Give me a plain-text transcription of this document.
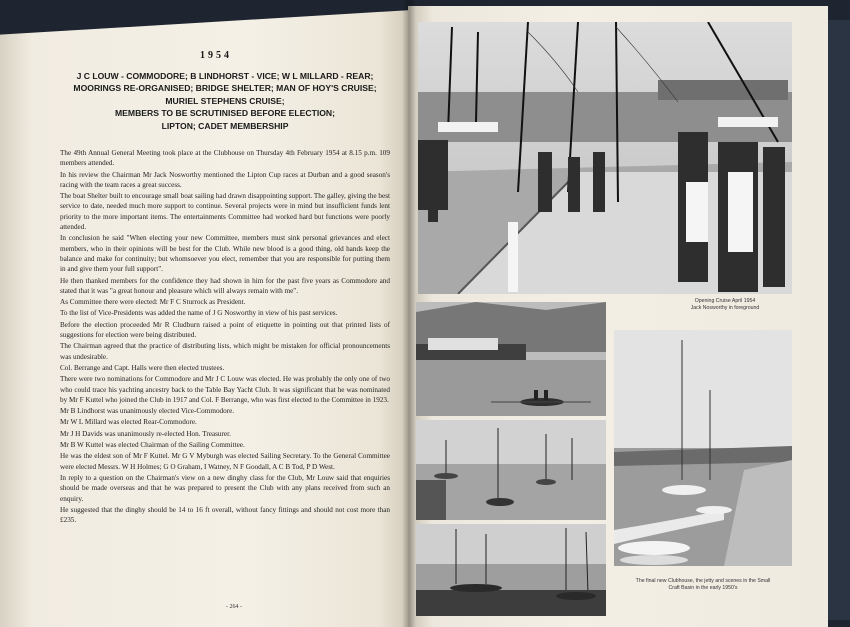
1954
J C LOUW - COMMODORE; B LINDHORST - VICE; W L MILLARD - REAR;
MOORINGS RE-ORGANISED; BRIDGE SHELTER; MAN OF HOY'S CRUISE;
MURIEL STEPHENS CRUISE;
MEMBERS TO BE SCRUTINISED BEFORE ELECTION;
LIPTON; CADET MEMBERSHIP

The 49th Annual General Meeting took place at the Clubhouse on Thursday 4th February 1954 at 8.15 p.m. 109 members attended.

In his review the Chairman Mr Jack Nosworthy mentioned the Lipton Cup races at Durban and a good season's racing with the team races a great success.

The boat Shelter built to encourage small boat sailing had drawn disappointing support. The galley, giving the best service to date, needed much more support to continue. Several projects were in mind but insufficient funds lent priority to the more important items. The entertainments Committee had worked hard but functions were poorly attended.

In conclusion he said "When electing your new Committee, members must sink personal grievances and elect members, who in their opinions will be best for the Club. While new blood is a good thing, old hands keep the balance and make for continuity; but whomsoever you elect, remember that you are responsible for putting them in and give them your full support".

He then thanked members for the confidence they had shown in him for the past five years as Commodore and stated that it was "a great honour and pleasure which will always remain with me".

As Committee there were elected: Mr F C Sturrock as President.

To the list of Vice-Presidents was added the name of J G Nosworthy in view of his past services.

Before the election proceeded Mr R Cludburn raised a point of etiquette in pointing out that printed lists of suggestions for election were being distributed.

The Chairman agreed that the practice of distributing lists, which might be mistaken for official pronouncements was undesirable.

Col. Berrange and Capt. Halls were then elected trustees.

There were two nominations for Commodore and Mr J C Louw was elected. He was probably the only one of two who could trace his yachting ancestry back to the Table Bay Yacht Club. It was significant that he was nominated by Mr F Kuttel who joined the Club in 1917 and Col. F Berrange, who was first elected to the Committee in 1923.

Mr B Lindhorst was unanimously elected Vice-Commodore.

Mr W L Millard was elected Rear-Commodore.

Mr J H Davids was unanimously re-elected Hon. Treasurer.

Mr B W Kuttel was elected Chairman of the Sailing Committee.

He was the eldest son of Mr F Kuttel. Mr G V Myburgh was elected Sailing Secretary. To the General Committee were elected Messrs. W H Holmes; G O Graham, I Watney, N F Goodall, A C B Tod, P D West.

In reply to a question on the Chairman's view on a new dinghy class for the Club, Mr Louw said that enquiries should be made overseas and that he was prepared to present the Club with any plans received from such an enquiry.

He suggested that the dinghy should be 14 to 16 ft overall, without fancy fittings and should not cost more than £235.

- 264 -
Opening Cruise April 1954
Jack Nosworthy in foreground
The final new Clubhouse, the jetty and scenes in the Small
Craft Basin in the early 1950's
